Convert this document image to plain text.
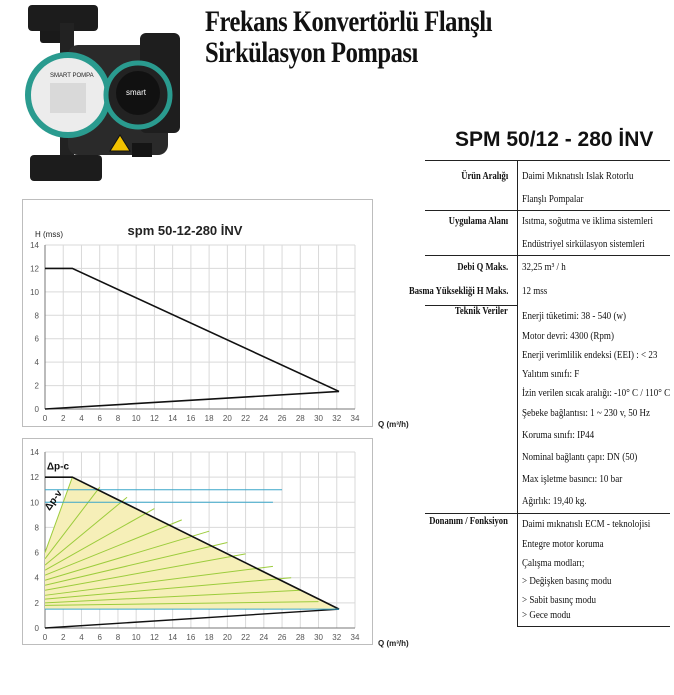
SMART POMPA
smart
Frekans Konvertörlü Flanşlı
Sirkülasyon Pompası
SPM 50/12 - 280 İNV
Ürün Aralığı Daimi Mıknatıslı Islak Rotorlu
Flanşlı Pompalar
Uygulama Alanı Isıtma, soğutma ve iklima sistemleri
Endüstriyel sirkülasyon sistemleri
Debi Q Maks. 32,25 m³ / h
Basma Yüksekliği H Maks. 12 mss
Teknik Veriler Enerji tüketimi: 38 - 540 (w)
Motor devri: 4300 (Rpm)
Enerji verimlilik endeksi (EEI) : < 23
Yalıtım sınıfı: F
İzin verilen sıcak aralığı: -10° C / 110° C
Şebeke bağlantısı: 1 ~ 230 v, 50 Hz
Koruma sınıfı: IP44
Nominal bağlantı çapı: DN (50)
Max işletme basıncı: 10 bar
Ağırlık: 19,40 kg.
Donanım / Fonksiyon Daimi mıknatıslı ECM - teknolojisi
Entegre motor koruma
Çalışma modları;
> Değişken basınç modu
> Sabit basınç modu
> Gece modu
0 2 4 6 8 10 12 14 16 18 20 22 24 26 28 30 32 34
0
2
4
6
8
10
12
14
spm 50-12-280 İNV
H (mss)
Q (m³/h)
0 2 4 6 8 10 12 14 16 18 20 22 24 26 28 30 32 34
0
2
4
6
8
10
12
14
Δp-c
Δp-v
Q (m³/h)
